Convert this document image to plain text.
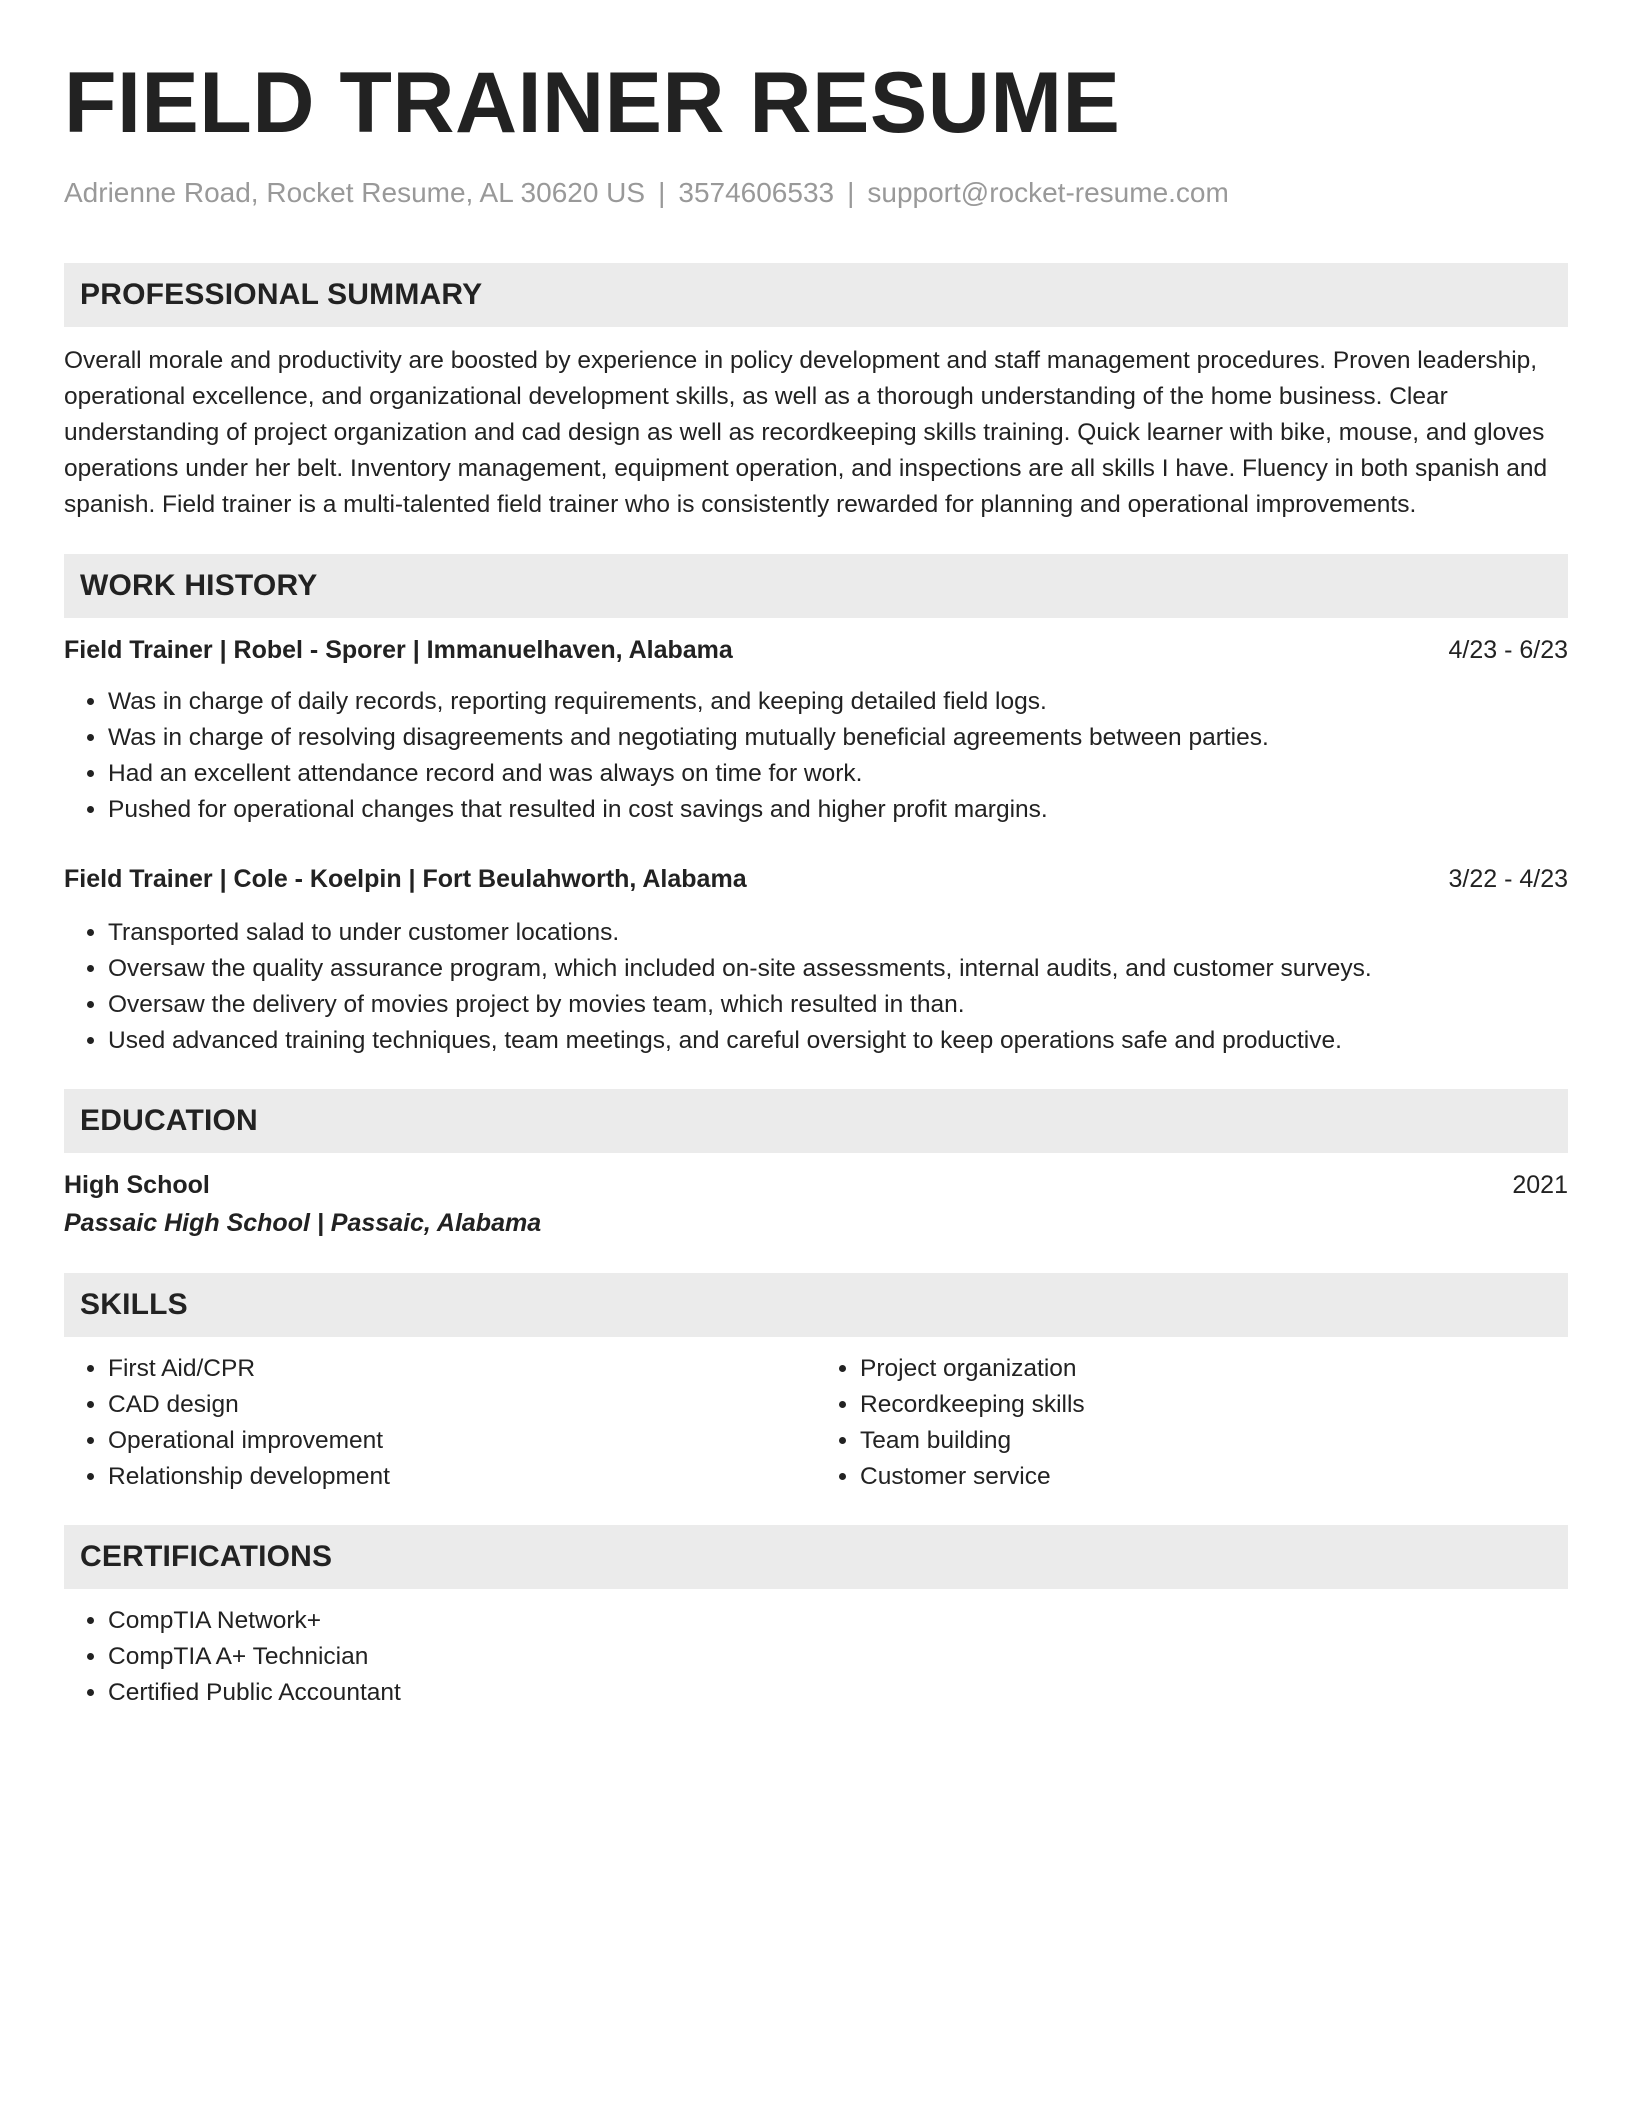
FIELD TRAINER RESUME
Adrienne Road, Rocket Resume, AL 30620 US | 3574606533 | support@rocket-resume.com
PROFESSIONAL SUMMARY
Overall morale and productivity are boosted by experience in policy development and staff management procedures. Proven leadership, operational excellence, and organizational development skills, as well as a thorough understanding of the home business. Clear understanding of project organization and cad design as well as recordkeeping skills training. Quick learner with bike, mouse, and gloves operations under her belt. Inventory management, equipment operation, and inspections are all skills I have. Fluency in both spanish and spanish. Field trainer is a multi-talented field trainer who is consistently rewarded for planning and operational improvements.
WORK HISTORY
Field Trainer | Robel - Sporer | Immanuelhaven, Alabama	4/23 - 6/23
• Was in charge of daily records, reporting requirements, and keeping detailed field logs.
• Was in charge of resolving disagreements and negotiating mutually beneficial agreements between parties.
• Had an excellent attendance record and was always on time for work.
• Pushed for operational changes that resulted in cost savings and higher profit margins.
Field Trainer | Cole - Koelpin | Fort Beulahworth, Alabama	3/22 - 4/23
• Transported salad to under customer locations.
• Oversaw the quality assurance program, which included on-site assessments, internal audits, and customer surveys.
• Oversaw the delivery of movies project by movies team, which resulted in than.
• Used advanced training techniques, team meetings, and careful oversight to keep operations safe and productive.
EDUCATION
High School	2021
Passaic High School | Passaic, Alabama
SKILLS
• First Aid/CPR
• CAD design
• Operational improvement
• Relationship development
• Project organization
• Recordkeeping skills
• Team building
• Customer service
CERTIFICATIONS
• CompTIA Network+
• CompTIA A+ Technician
• Certified Public Accountant
